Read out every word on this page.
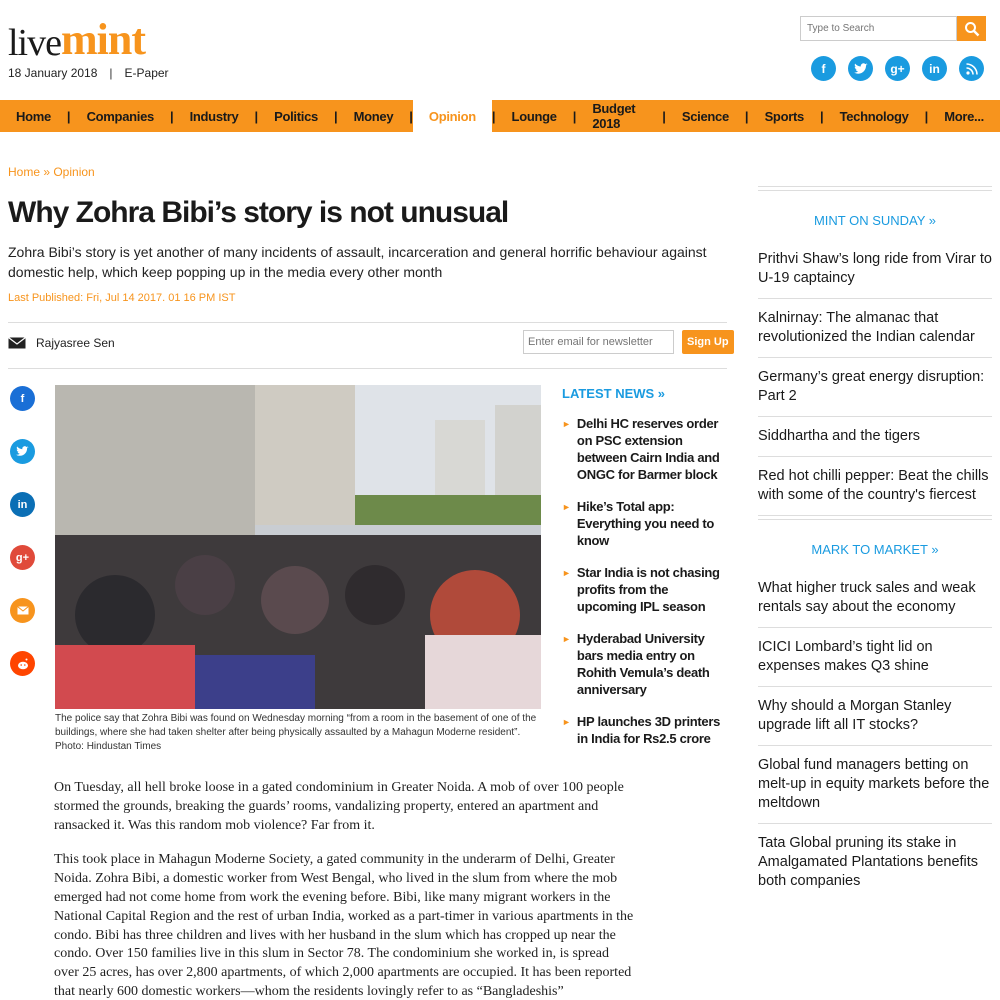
live mint
18 January 2018 | E-Paper
Type to Search	f	g+	in
Home	|	Companies	|	Industry	|	Politics	|	Money	|	Opinion	|	Lounge	|	Budget 2018	|	Science	|	Sports	|	Technology	|	More...
Home » Opinion
Why Zohra Bibi’s story is not unusual
Zohra Bibi’s story is yet another of many incidents of assault, incarceration and general horrific behaviour against domestic help, which keep popping up in the media every other month
Last Published: Fri, Jul 14 2017. 01 16 PM IST
Rajyasree Sen
Enter email for newsletter	Sign Up
f
in
g+
The police say that Zohra Bibi was found on Wednesday morning “from a room in the basement of one of the buildings, where she had taken shelter after being physically assaulted by a Mahagun Moderne resident”. Photo: Hindustan Times
LATEST NEWS »
► Delhi HC reserves order on PSC extension between Cairn India and ONGC for Barmer block
► Hike’s Total app: Everything you need to know
► Star India is not chasing profits from the upcoming IPL season
► Hyderabad University bars media entry on Rohith Vemula’s death anniversary
► HP launches 3D printers in India for Rs2.5 crore

On Tuesday, all hell broke loose in a gated condominium in Greater Noida. A mob of over 100 people stormed the grounds, breaking the guards’ rooms, vandalizing property, entered an apartment and ransacked it. Was this random mob violence? Far from it.

This took place in Mahagun Moderne Society, a gated community in the underarm of Delhi, Greater Noida. Zohra Bibi, a domestic worker from West Bengal, who lived in the slum from where the mob emerged had not come home from work the evening before. Bibi, like many migrant workers in the National Capital Region and the rest of urban India, worked as a part-timer in various apartments in the condo. Bibi has three children and lives with her husband in the slum which has cropped up near the condo. Over 150 families live in this slum in Sector 78. The condominium she worked in, is spread over 25 acres, has over 2,800 apartments, of which 2,000 apartments are occupied. It has been reported that nearly 600 domestic workers—whom the residents lovingly refer to as “Bangladeshis”

MINT ON SUNDAY »
Prithvi Shaw’s long ride from Virar to U-19 captaincy
Kalnirnay: The almanac that revolutionized the Indian calendar
Germany’s great energy disruption: Part 2
Siddhartha and the tigers
Red hot chilli pepper: Beat the chills with some of the country's fiercest
MARK TO MARKET »
What higher truck sales and weak rentals say about the economy
ICICI Lombard’s tight lid on expenses makes Q3 shine
Why should a Morgan Stanley upgrade lift all IT stocks?
Global fund managers betting on melt-up in equity markets before the meltdown
Tata Global pruning its stake in Amalgamated Plantations benefits both companies
